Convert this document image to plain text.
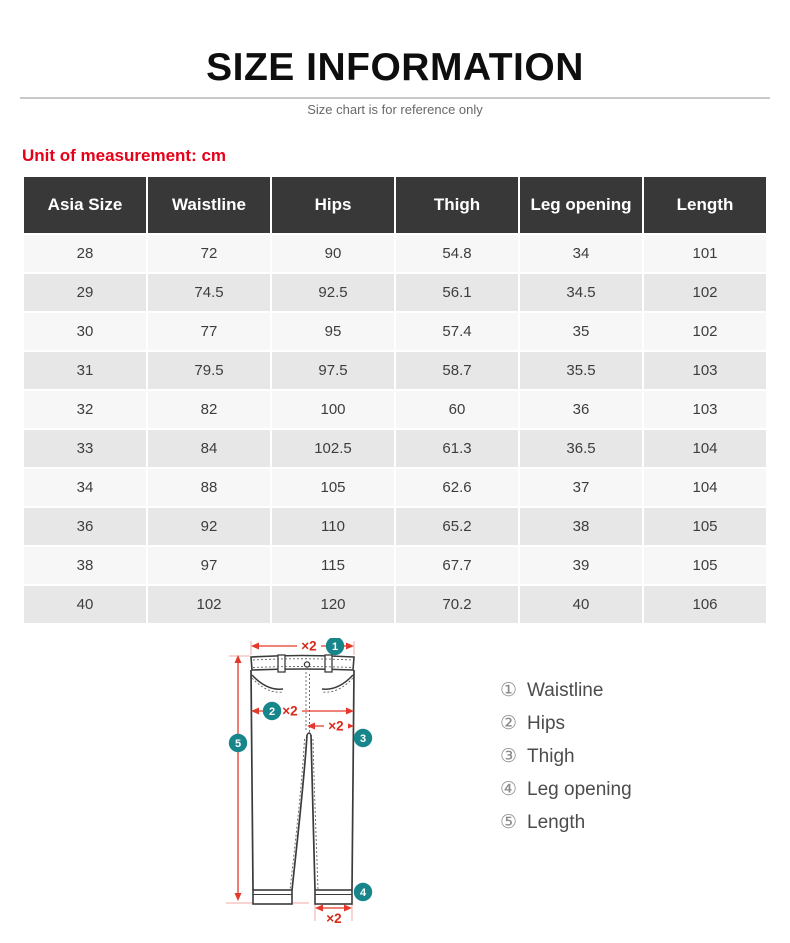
SIZE INFORMATION
Size chart is for reference only
Unit of measurement: cm
Asia Size	Waistline	Hips	Thigh	Leg opening	Length
28	72	90	54.8	34	101
29	74.5	92.5	56.1	34.5	102
30	77	95	57.4	35	102
31	79.5	97.5	58.7	35.5	103
32	82	100	60	36	103
33	84	102.5	61.3	36.5	104
34	88	105	62.6	37	104
36	92	110	65.2	38	105
38	97	115	67.7	39	105
40	102	120	70.2	40	106
×2
×2
×2
×2
1
2
3
4
5
① Waistline
② Hips
③ Thigh
④ Leg opening
⑤ Length
